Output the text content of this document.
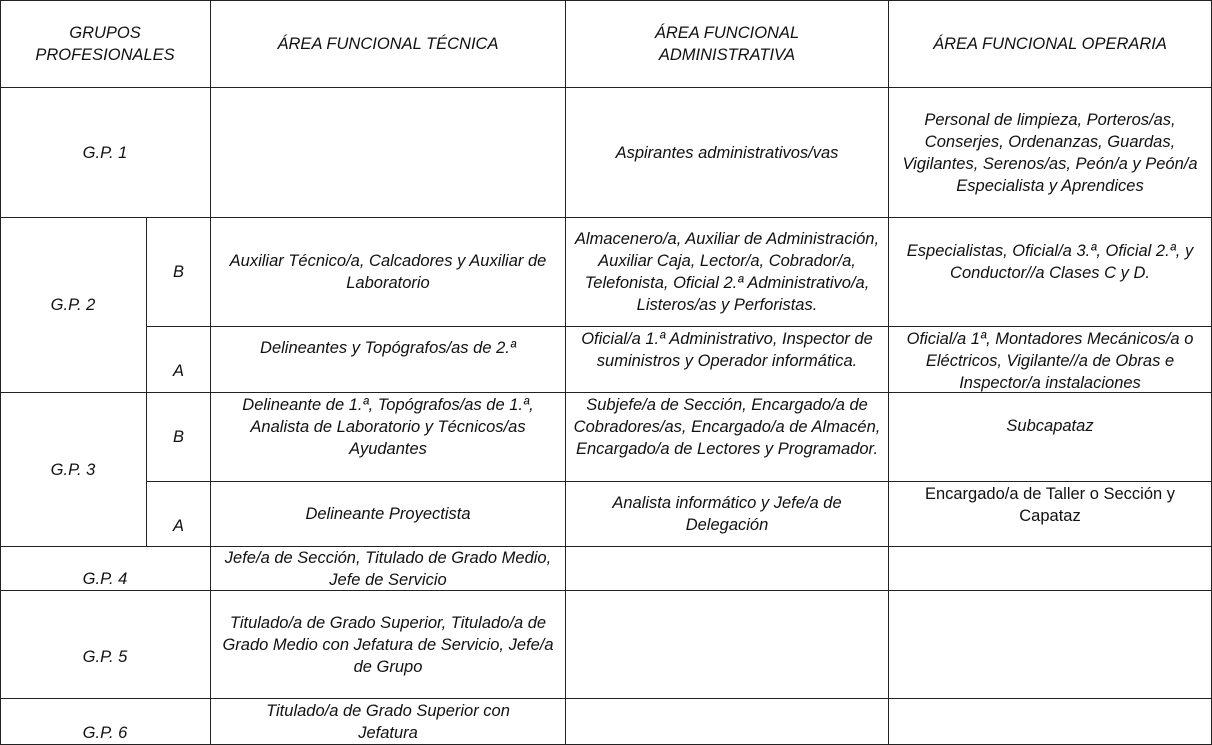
GRUPOS PROFESIONALES
ÁREA FUNCIONAL TÉCNICA
ÁREA FUNCIONAL ADMINISTRATIVA
ÁREA FUNCIONAL OPERARIA
G.P. 1	Aspirantes administrativos/vas
Personal de limpieza, Porteros/as, Conserjes, Ordenanzas, Guardas, Vigilantes, Serenos/as, Peón/a y Peón/a Especialista y Aprendices
G.P. 2
B
Auxiliar Técnico/a, Calcadores y Auxiliar de Laboratorio
Almacenero/a, Auxiliar de Administración, Auxiliar Caja, Lector/a, Cobrador/a, Telefonista, Oficial 2.ª Administrativo/a, Listeros/as y Perforistas.
Especialistas, Oficial/a 3.ª, Oficial 2.ª, y Conductor//a Clases C y D.
A
Delineantes y Topógrafos/as de 2.ª	Oficial/a 1.ª Administrativo, Inspector de suministros y Operador informática.
Oficial/a 1ª, Montadores Mecánicos/a o Eléctricos, Vigilante//a de Obras e Inspector/a instalaciones
G.P. 3
B
Delineante de 1.ª, Topógrafos/as de 1.ª, Analista de Laboratorio y Técnicos/as Ayudantes
Subjefe/a de Sección, Encargado/a de Cobradores/as, Encargado/a de Almacén, Encargado/a de Lectores y Programador.
Subcapataz
A
Delineante Proyectista
Analista informático y Jefe/a de Delegación
Encargado/a de Taller o Sección y Capataz
G.P. 4
Jefe/a de Sección, Titulado de Grado Medio, Jefe de Servicio
G.P. 5
Titulado/a de Grado Superior, Titulado/a de Grado Medio con Jefatura de Servicio, Jefe/a de Grupo
G.P. 6
Titulado/a de Grado Superior con Jefatura
